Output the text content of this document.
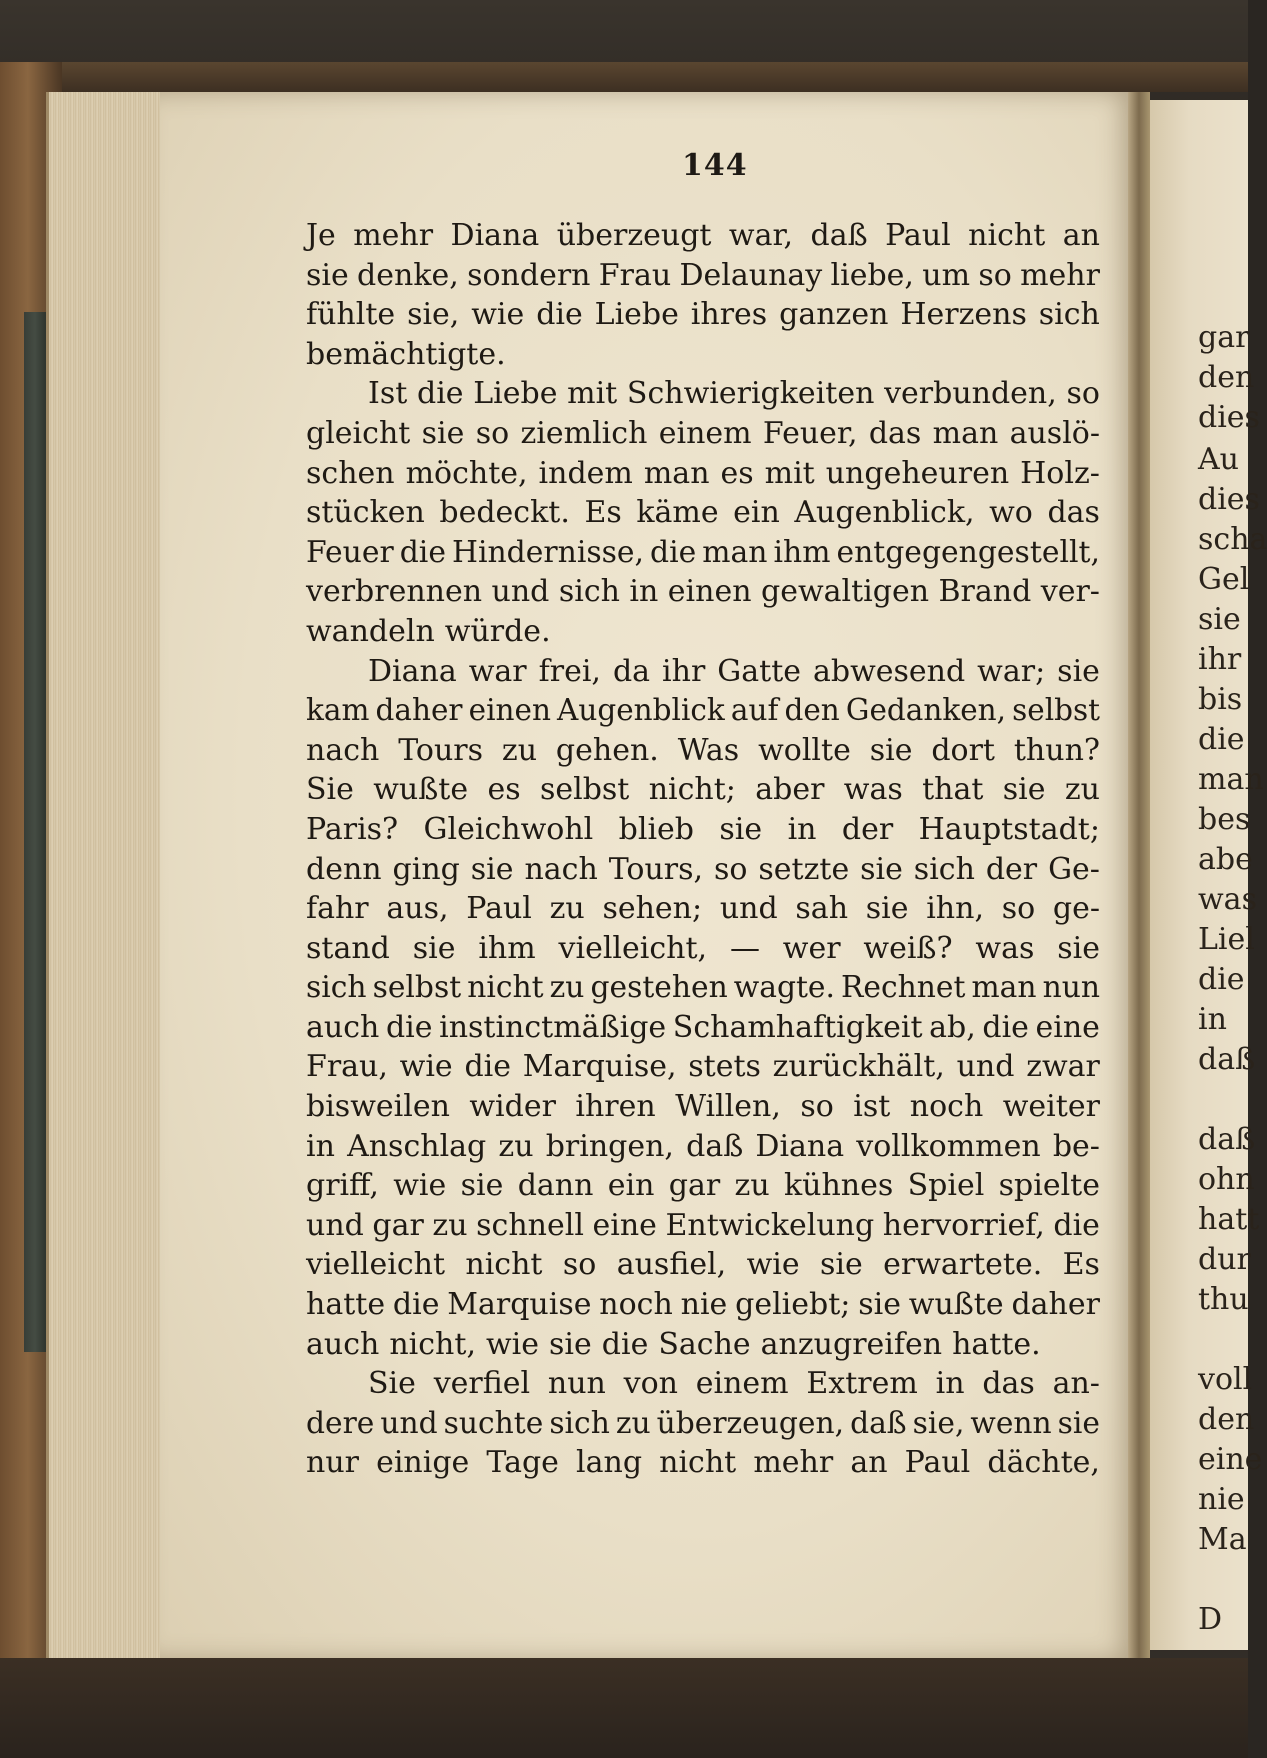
144
Je mehr Diana überzeugt war, daß Paul nicht an
sie denke, sondern Frau Delaunay liebe, um so mehr
fühlte sie, wie die Liebe ihres ganzen Herzens sich
bemächtigte.
Ist die Liebe mit Schwierigkeiten verbunden, so
gleicht sie so ziemlich einem Feuer, das man auslö-
schen möchte, indem man es mit ungeheuren Holz-
stücken bedeckt. Es käme ein Augenblick, wo das
Feuer die Hindernisse, die man ihm entgegengestellt,
verbrennen und sich in einen gewaltigen Brand ver-
wandeln würde.
Diana war frei, da ihr Gatte abwesend war; sie
kam daher einen Augenblick auf den Gedanken, selbst
nach Tours zu gehen. Was wollte sie dort thun?
Sie wußte es selbst nicht; aber was that sie zu
Paris? Gleichwohl blieb sie in der Hauptstadt;
denn ging sie nach Tours, so setzte sie sich der Ge-
fahr aus, Paul zu sehen; und sah sie ihn, so ge-
stand sie ihm vielleicht, — wer weiß? was sie
sich selbst nicht zu gestehen wagte. Rechnet man nun
auch die instinctmäßige Schamhaftigkeit ab, die eine
Frau, wie die Marquise, stets zurückhält, und zwar
bisweilen wider ihren Willen, so ist noch weiter
in Anschlag zu bringen, daß Diana vollkommen be-
griff, wie sie dann ein gar zu kühnes Spiel spielte
und gar zu schnell eine Entwickelung hervorrief, die
vielleicht nicht so ausfiel, wie sie erwartete. Es
hatte die Marquise noch nie geliebt; sie wußte daher
auch nicht, wie sie die Sache anzugreifen hatte.
Sie verfiel nun von einem Extrem in das an-
dere und suchte sich zu überzeugen, daß sie, wenn sie
nur einige Tage lang nicht mehr an Paul dächte,
gar
den
dies
Au
dies
scha
Gel
sie
ihr
bis
die
man
bes
abe
was
Liel
die
in
daß
daß
ohn
hatt
dur
thu
voll
den
eine
nie
Ma
D
